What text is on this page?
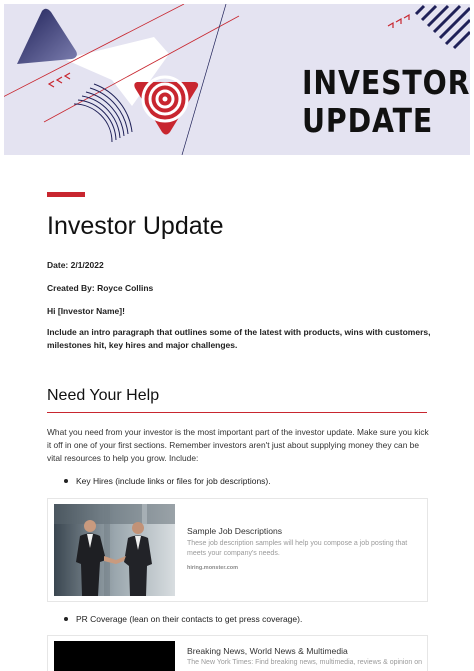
INVESTOR
UPDATE
Investor Update
Date: 2/1/2022
Created By: Royce Collins
Hi [Investor Name]!
Include an intro paragraph that outlines some of the latest with products, wins with customers, milestones hit, key hires and major challenges.
Need Your Help
What you need from your investor is the most important part of the investor update. Make sure you kick it off in one of your first sections. Remember investors aren't just about supplying money they can be vital resources to help you grow. Include:
Key Hires (include links or files for job descriptions).
Sample Job Descriptions
These job description samples will help you compose a job posting that meets your company's needs.
hiring.monster.com
PR Coverage (lean on their contacts to get press coverage).
Breaking News, World News & Multimedia
The New York Times: Find breaking news, multimedia, reviews & opinion on
